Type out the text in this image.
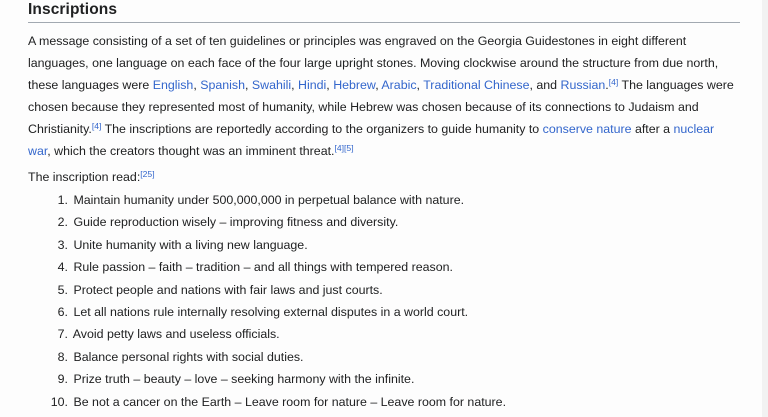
Inscriptions

A message consisting of a set of ten guidelines or principles was engraved on the Georgia Guidestones in eight different languages, one language on each face of the four large upright stones. Moving clockwise around the structure from due north, these languages were English, Spanish, Swahili, Hindi, Hebrew, Arabic, Traditional Chinese, and Russian.[4] The languages were chosen because they represented most of humanity, while Hebrew was chosen because of its connections to Judaism and Christianity.[4] The inscriptions are reportedly according to the organizers to guide humanity to conserve nature after a nuclear war, which the creators thought was an imminent threat.[4][5]

The inscription read:[25]

1. Maintain humanity under 500,000,000 in perpetual balance with nature.
2. Guide reproduction wisely – improving fitness and diversity.
3. Unite humanity with a living new language.
4. Rule passion – faith – tradition – and all things with tempered reason.
5. Protect people and nations with fair laws and just courts.
6. Let all nations rule internally resolving external disputes in a world court.
7. Avoid petty laws and useless officials.
8. Balance personal rights with social duties.
9. Prize truth – beauty – love – seeking harmony with the infinite.
10. Be not a cancer on the Earth – Leave room for nature – Leave room for nature.
